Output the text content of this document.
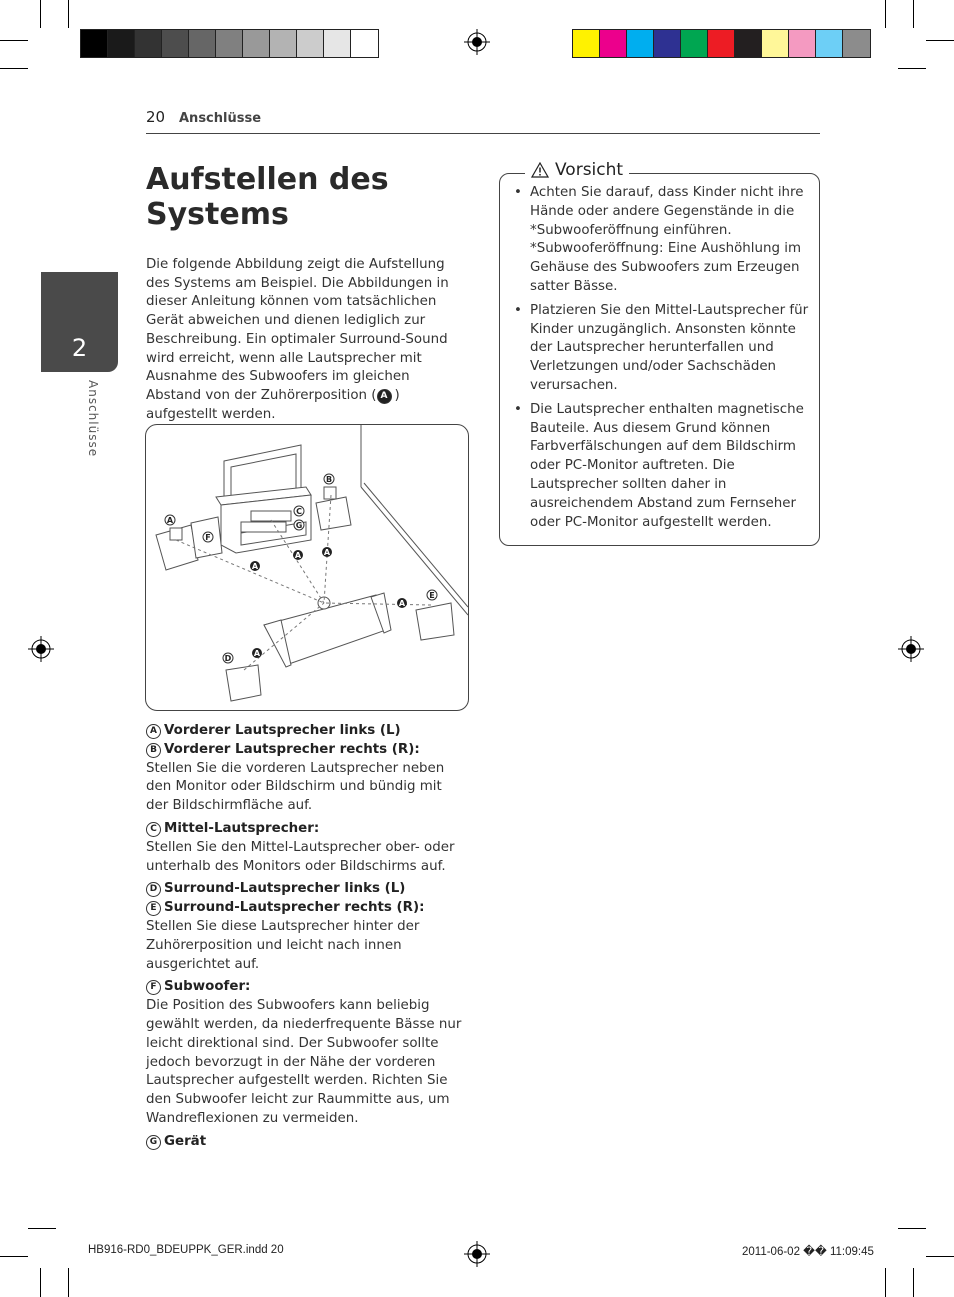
20 Anschlüsse
2
Anschlüsse
Aufstellen des Systems
Die folgende Abbildung zeigt die Aufstellung des Systems am Beispiel. Die Abbildungen in dieser Anleitung können vom tatsächlichen Gerät abweichen und dienen lediglich zur Beschreibung. Ein optimaler Surround-Sound wird erreicht, wenn alle Lautsprecher mit Ausnahme des Subwoofers im gleichen Abstand von der Zuhörerposition ( A ) aufgestellt werden.
A
B
C
G
F
E
D
A
A	A
A
A
A Vorderer Lautsprecher links (L)
B Vorderer Lautsprecher rechts (R):
Stellen Sie die vorderen Lautsprecher neben den Monitor oder Bildschirm und bündig mit der Bildschirmfläche auf.
C Mittel-Lautsprecher:
Stellen Sie den Mittel-Lautsprecher ober- oder unterhalb des Monitors oder Bildschirms auf.
D Surround-Lautsprecher links (L)
E Surround-Lautsprecher rechts (R):
Stellen Sie diese Lautsprecher hinter der Zuhörerposition und leicht nach innen ausgerichtet auf.
F Subwoofer:
Die Position des Subwoofers kann beliebig gewählt werden, da niederfrequente Bässe nur leicht direktional sind. Der Subwoofer sollte jedoch bevorzugt in der Nähe der vorderen Lautsprecher aufgestellt werden. Richten Sie den Subwoofer leicht zur Raummitte aus, um Wandreflexionen zu vermeiden.
G Gerät
• Achten Sie darauf, dass Kinder nicht ihre Hände oder andere Gegenstände in die *Subwooferöffnung einführen. *Subwooferöffnung: Eine Aushöhlung im Gehäuse des Subwoofers zum Erzeugen satter Bässe.
• Platzieren Sie den Mittel-Lautsprecher für Kinder unzugänglich. Ansonsten könnte der Lautsprecher herunterfallen und Verletzungen und/oder Sachschäden verursachen.
• Die Lautsprecher enthalten magnetische Bauteile. Aus diesem Grund können Farbverfälschungen auf dem Bildschirm oder PC-Monitor auftreten. Die Lautsprecher sollten daher in ausreichendem Abstand zum Fernseher oder PC-Monitor aufgestellt werden.
Vorsicht
HB916-RD0_BDEUPPK_GER.indd 20	2011-06-02 �� 11:09:45
